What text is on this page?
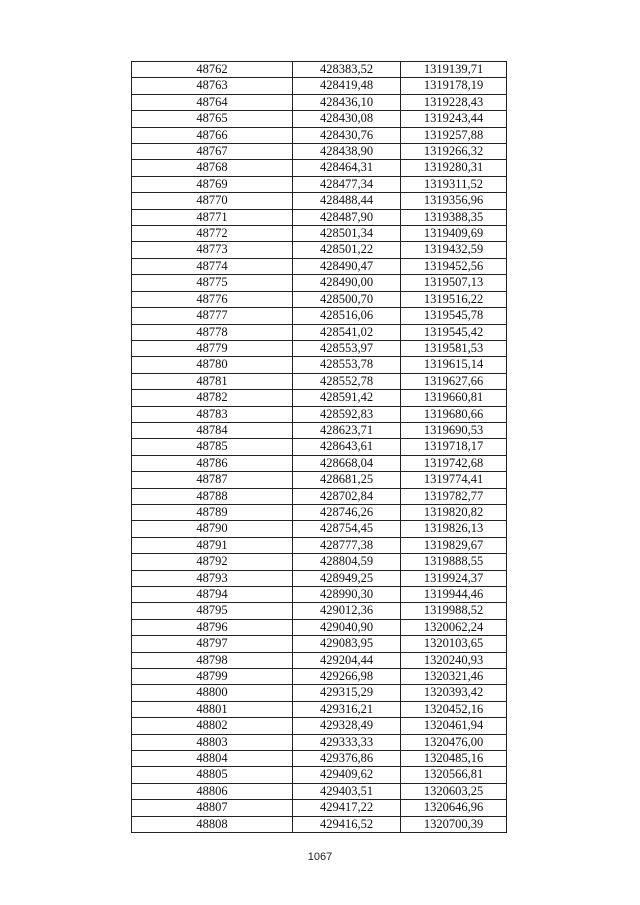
48762	428383,52	1319139,71
48763	428419,48	1319178,19
48764	428436,10	1319228,43
48765	428430,08	1319243,44
48766	428430,76	1319257,88
48767	428438,90	1319266,32
48768	428464,31	1319280,31
48769	428477,34	1319311,52
48770	428488,44	1319356,96
48771	428487,90	1319388,35
48772	428501,34	1319409,69
48773	428501,22	1319432,59
48774	428490,47	1319452,56
48775	428490,00	1319507,13
48776	428500,70	1319516,22
48777	428516,06	1319545,78
48778	428541,02	1319545,42
48779	428553,97	1319581,53
48780	428553,78	1319615,14
48781	428552,78	1319627,66
48782	428591,42	1319660,81
48783	428592,83	1319680,66
48784	428623,71	1319690,53
48785	428643,61	1319718,17
48786	428668,04	1319742,68
48787	428681,25	1319774,41
48788	428702,84	1319782,77
48789	428746,26	1319820,82
48790	428754,45	1319826,13
48791	428777,38	1319829,67
48792	428804,59	1319888,55
48793	428949,25	1319924,37
48794	428990,30	1319944,46
48795	429012,36	1319988,52
48796	429040,90	1320062,24
48797	429083,95	1320103,65
48798	429204,44	1320240,93
48799	429266,98	1320321,46
48800	429315,29	1320393,42
48801	429316,21	1320452,16
48802	429328,49	1320461,94
48803	429333,33	1320476,00
48804	429376,86	1320485,16
48805	429409,62	1320566,81
48806	429403,51	1320603,25
48807	429417,22	1320646,96
48808	429416,52	1320700,39
1067
